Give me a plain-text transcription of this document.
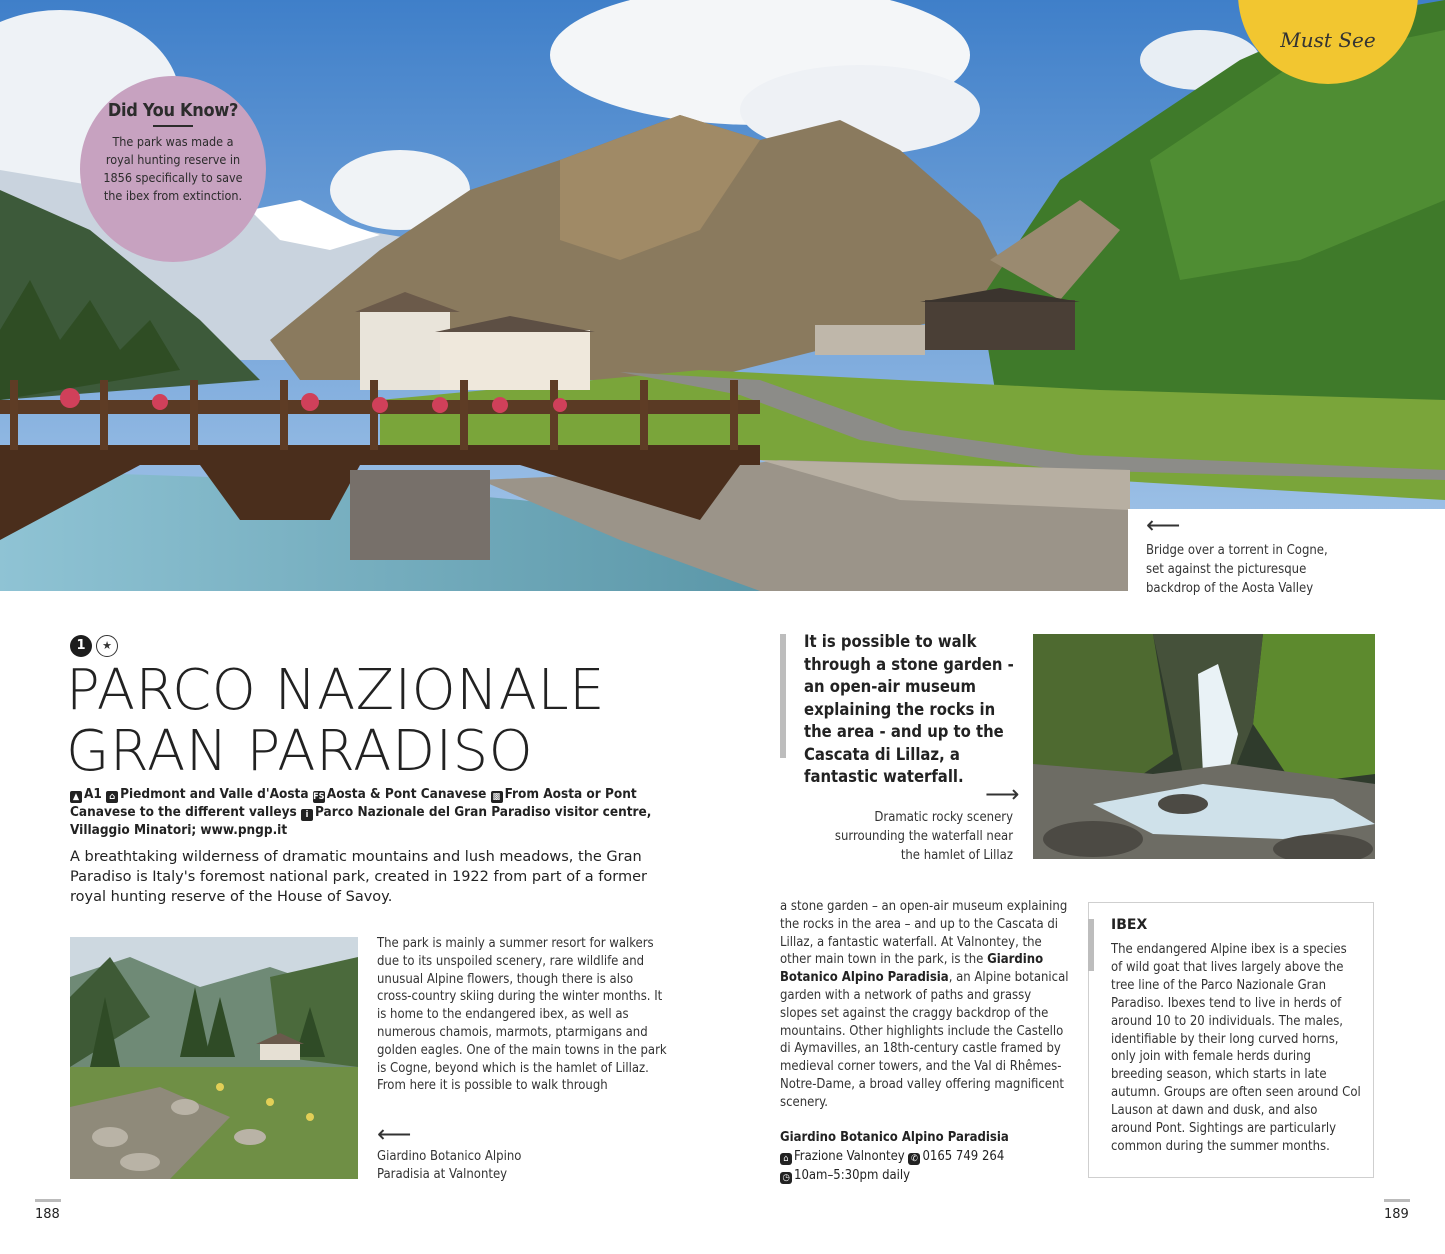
Did You Know?
The park was made a royal hunting reserve in 1856 specifically to save the ibex from extinction.
Must See
⟵
Bridge over a torrent in Cogne, set against the picturesque backdrop of the Aosta Valley
1	★
PARCO NAZIONALE
GRAN PARADISO
▲ A1 ⌂ Piedmont and Valle d'Aosta FS Aosta & Pont Canavese ▩ From Aosta or Pont Canavese to the different valleys i Parco Nazionale del Gran Paradiso visitor centre, Villaggio Minatori; www.pngp.it
A breathtaking wilderness of dramatic mountains and lush meadows, the Gran Paradiso is Italy's foremost national park, created in 1922 from part of a former royal hunting reserve of the House of Savoy.
The park is mainly a summer resort for walkers due to its unspoiled scenery, rare wildlife and unusual Alpine flowers, though there is also cross-country skiing during the winter months. It is home to the endangered ibex, as well as numerous chamois, marmots, ptarmigans and golden eagles. One of the main towns in the park is Cogne, beyond which is the hamlet of Lillaz. From here it is possible to walk through
⟵
Giardino Botanico Alpino Paradisia at Valnontey
188
It is possible to walk through a stone garden - an open-air museum explaining the rocks in the area - and up to the Cascata di Lillaz, a fantastic waterfall.
⟶
Dramatic rocky scenery surrounding the waterfall near the hamlet of Lillaz
a stone garden – an open-air museum explaining the rocks in the area – and up to the Cascata di Lillaz, a fantastic waterfall. At Valnontey, the other main town in the park, is the Giardino Botanico Alpino Paradisia, an Alpine botanical garden with a network of paths and grassy slopes set against the craggy backdrop of the mountains. Other highlights include the Castello di Aymavilles, an 18th-century castle framed by medieval corner towers, and the Val di Rhêmes-Notre-Dame, a broad valley offering magnificent scenery.
Giardino Botanico Alpino Paradisia
⌂ Frazione Valnontey ✆ 0165 749 264
◷ 10am–5:30pm daily
IBEX
The endangered Alpine ibex is a species of wild goat that lives largely above the tree line of the Parco Nazionale Gran Paradiso. Ibexes tend to live in herds of around 10 to 20 individuals. The males, identifiable by their long curved horns, only join with female herds during breeding season, which starts in late autumn. Groups are often seen around Col Lauson at dawn and dusk, and also around Pont. Sightings are particularly common during the summer months.
189
